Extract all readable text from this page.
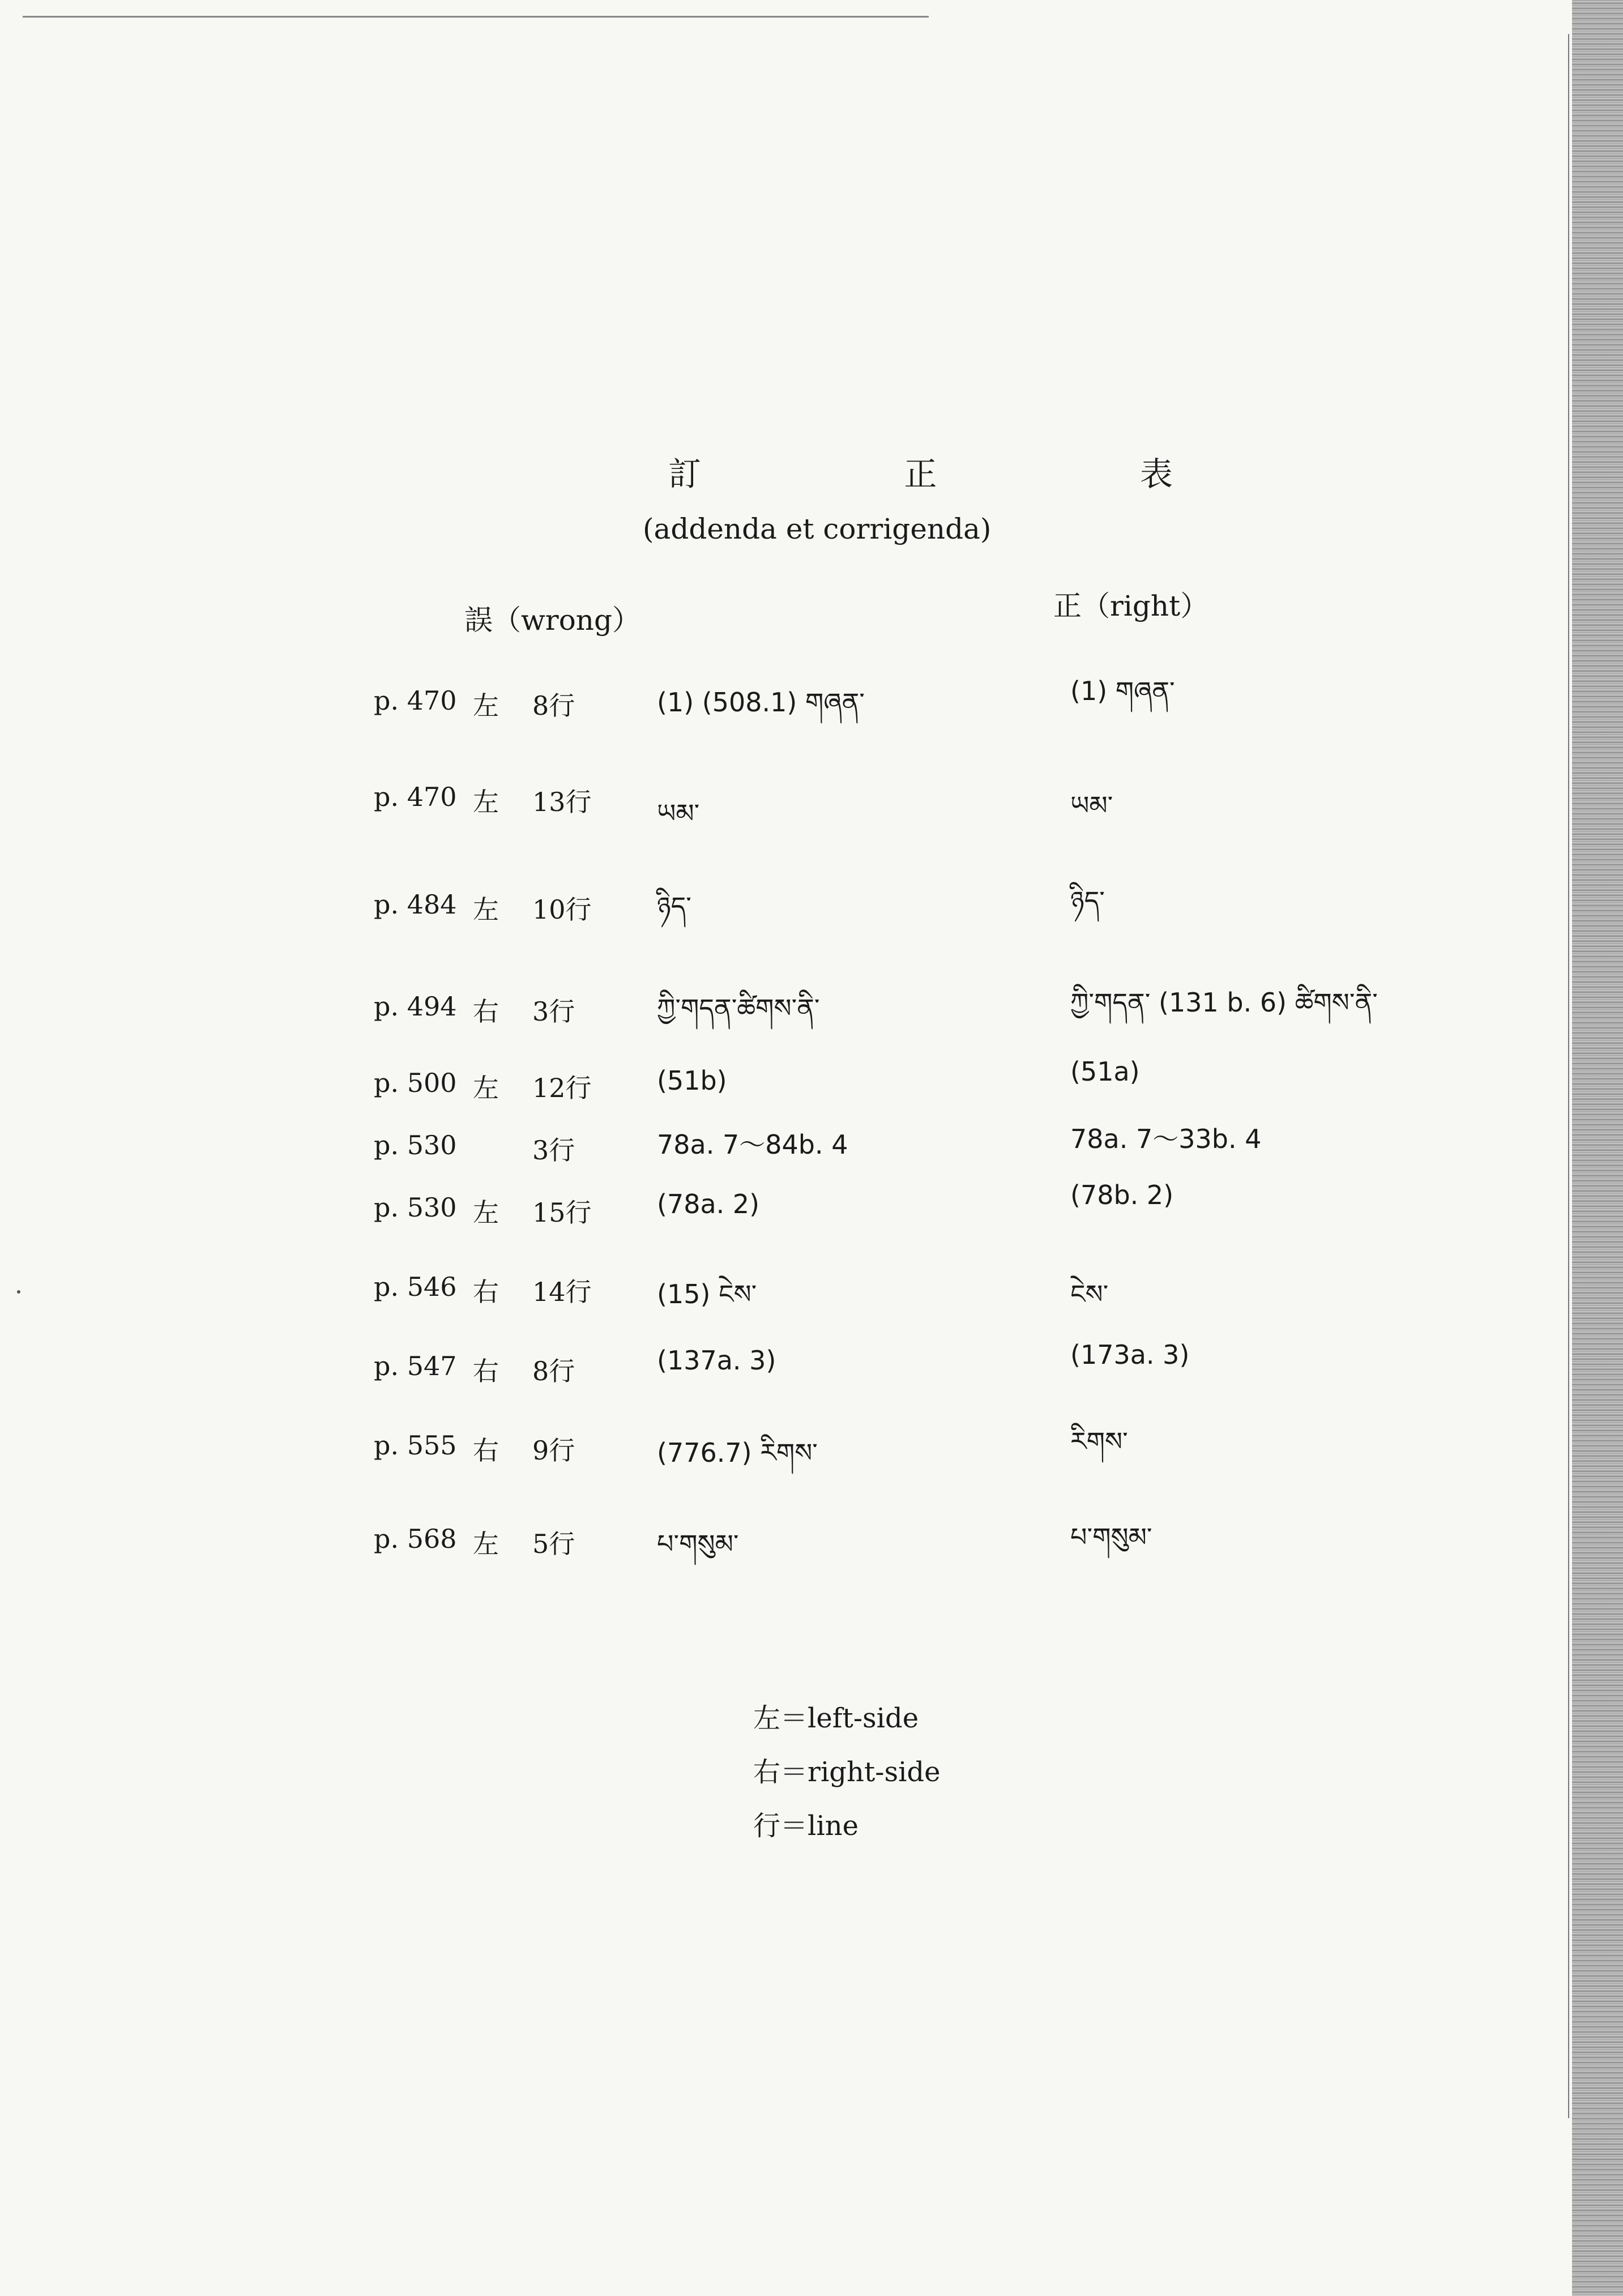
訂 正 表
(addenda et corrigenda)
誤（wrong）	正（right）
p. 470 左 8行	(1) (508.1) གཞན་	(1) གཞན་
p. 470 左 13行	ཡམ་	ཡམ་
p. 484 左 10行	ཉིད་	ཉིད་
p. 494 右 3行	ཀྱི་གདན་ཚིགས་ནི་	ཀྱི་གདན་ (131 b. 6) ཚིགས་ནི་
p. 500 左 12行	(51b)	(51a)
p. 530	3行	78a. 7～84b. 4	78a. 7～33b. 4
p. 530 左 15行	(78a. 2)	(78b. 2)
p. 546 右 14行	(15) ངེས་	ངེས་
p. 547 右 8行	(137a. 3)	(173a. 3)
p. 555 右 9行	(776.7) རིགས་	རིགས་
p. 568 左 5行	པ་གསུམ་	པ་གསུམ་
左＝left-side
右＝right-side
行＝line
